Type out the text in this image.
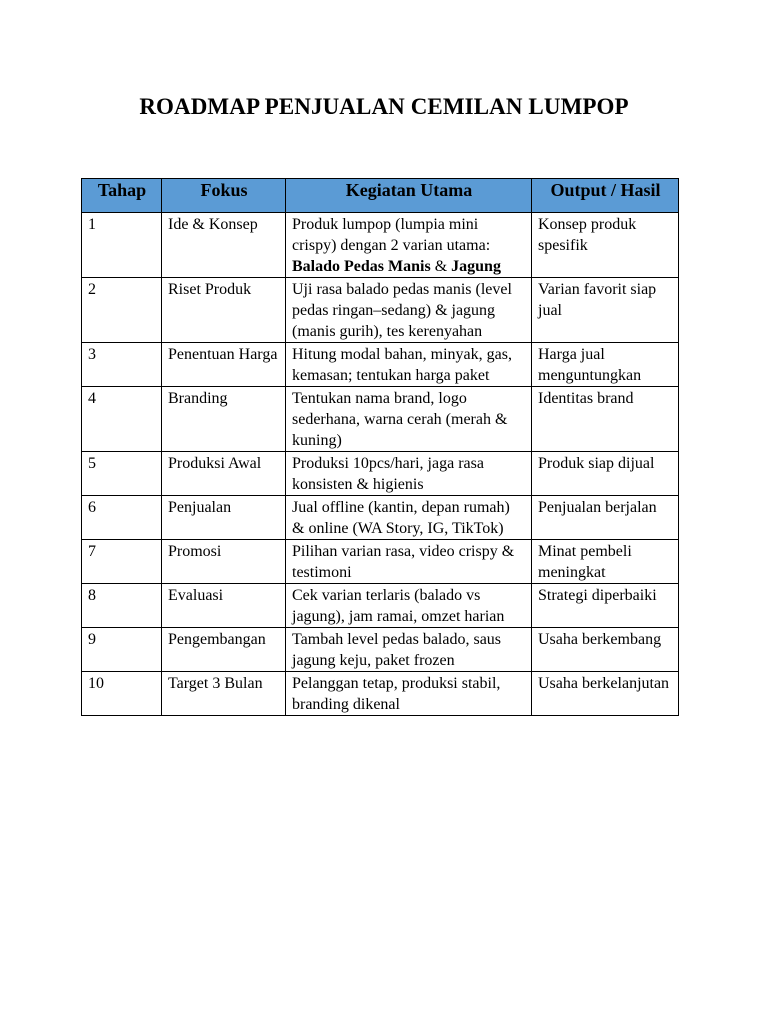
ROADMAP PENJUALAN CEMILAN LUMPOP
Tahap	Fokus	Kegiatan Utama	Output / Hasil
1	Ide & Konsep	Produk lumpop (lumpia mini crispy) dengan 2 varian utama: Balado Pedas Manis & Jagung	Konsep produk spesifik
2	Riset Produk	Uji rasa balado pedas manis (level pedas ringan–sedang) & jagung (manis gurih), tes kerenyahan	Varian favorit siap jual
3	Penentuan Harga	Hitung modal bahan, minyak, gas, kemasan; tentukan harga paket	Harga jual menguntungkan
4	Branding	Tentukan nama brand, logo sederhana, warna cerah (merah & kuning)	Identitas brand
5	Produksi Awal	Produksi 10pcs/hari, jaga rasa konsisten & higienis	Produk siap dijual
6	Penjualan	Jual offline (kantin, depan rumah) & online (WA Story, IG, TikTok)	Penjualan berjalan
7	Promosi	Pilihan varian rasa, video crispy & testimoni	Minat pembeli meningkat
8	Evaluasi	Cek varian terlaris (balado vs jagung), jam ramai, omzet harian	Strategi diperbaiki
9	Pengembangan	Tambah level pedas balado, saus jagung keju, paket frozen	Usaha berkembang
10	Target 3 Bulan	Pelanggan tetap, produksi stabil, branding dikenal	Usaha berkelanjutan
